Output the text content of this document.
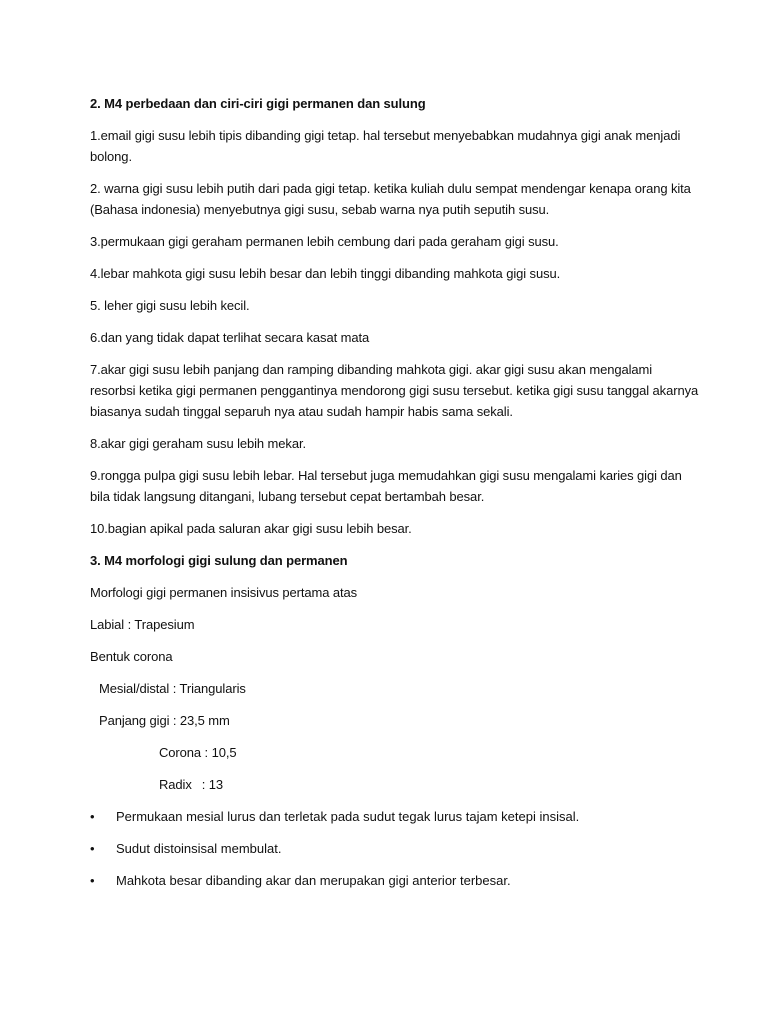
2. M4 perbedaan dan ciri-ciri gigi permanen dan sulung

1.email gigi susu lebih tipis dibanding gigi tetap. hal tersebut menyebabkan mudahnya gigi anak menjadi bolong.

2. warna gigi susu lebih putih dari pada gigi tetap. ketika kuliah dulu sempat mendengar kenapa orang kita (Bahasa indonesia) menyebutnya gigi susu, sebab warna nya putih seputih susu.

3.permukaan gigi geraham permanen lebih cembung dari pada geraham gigi susu.

4.lebar mahkota gigi susu lebih besar dan lebih tinggi dibanding mahkota gigi susu.

5. leher gigi susu lebih kecil.

6.dan yang tidak dapat terlihat secara kasat mata

7.akar gigi susu lebih panjang dan ramping dibanding mahkota gigi. akar gigi susu akan mengalami resorbsi ketika gigi permanen penggantinya mendorong gigi susu tersebut. ketika gigi susu tanggal akarnya biasanya sudah tinggal separuh nya atau sudah hampir habis sama sekali.

8.akar gigi geraham susu lebih mekar.

9.rongga pulpa gigi susu lebih lebar. Hal tersebut juga memudahkan gigi susu mengalami karies gigi dan bila tidak langsung ditangani, lubang tersebut cepat bertambah besar.

10.bagian apikal pada saluran akar gigi susu lebih besar.

3. M4 morfologi gigi sulung dan permanen

Morfologi gigi permanen insisivus pertama atas

Labial : Trapesium

Bentuk corona

Mesial/distal : Triangularis

Panjang gigi : 23,5 mm

Corona : 10,5

Radix : 13

• Permukaan mesial lurus dan terletak pada sudut tegak lurus tajam ketepi insisal.
• Sudut distoinsisal membulat.
• Mahkota besar dibanding akar dan merupakan gigi anterior terbesar.
